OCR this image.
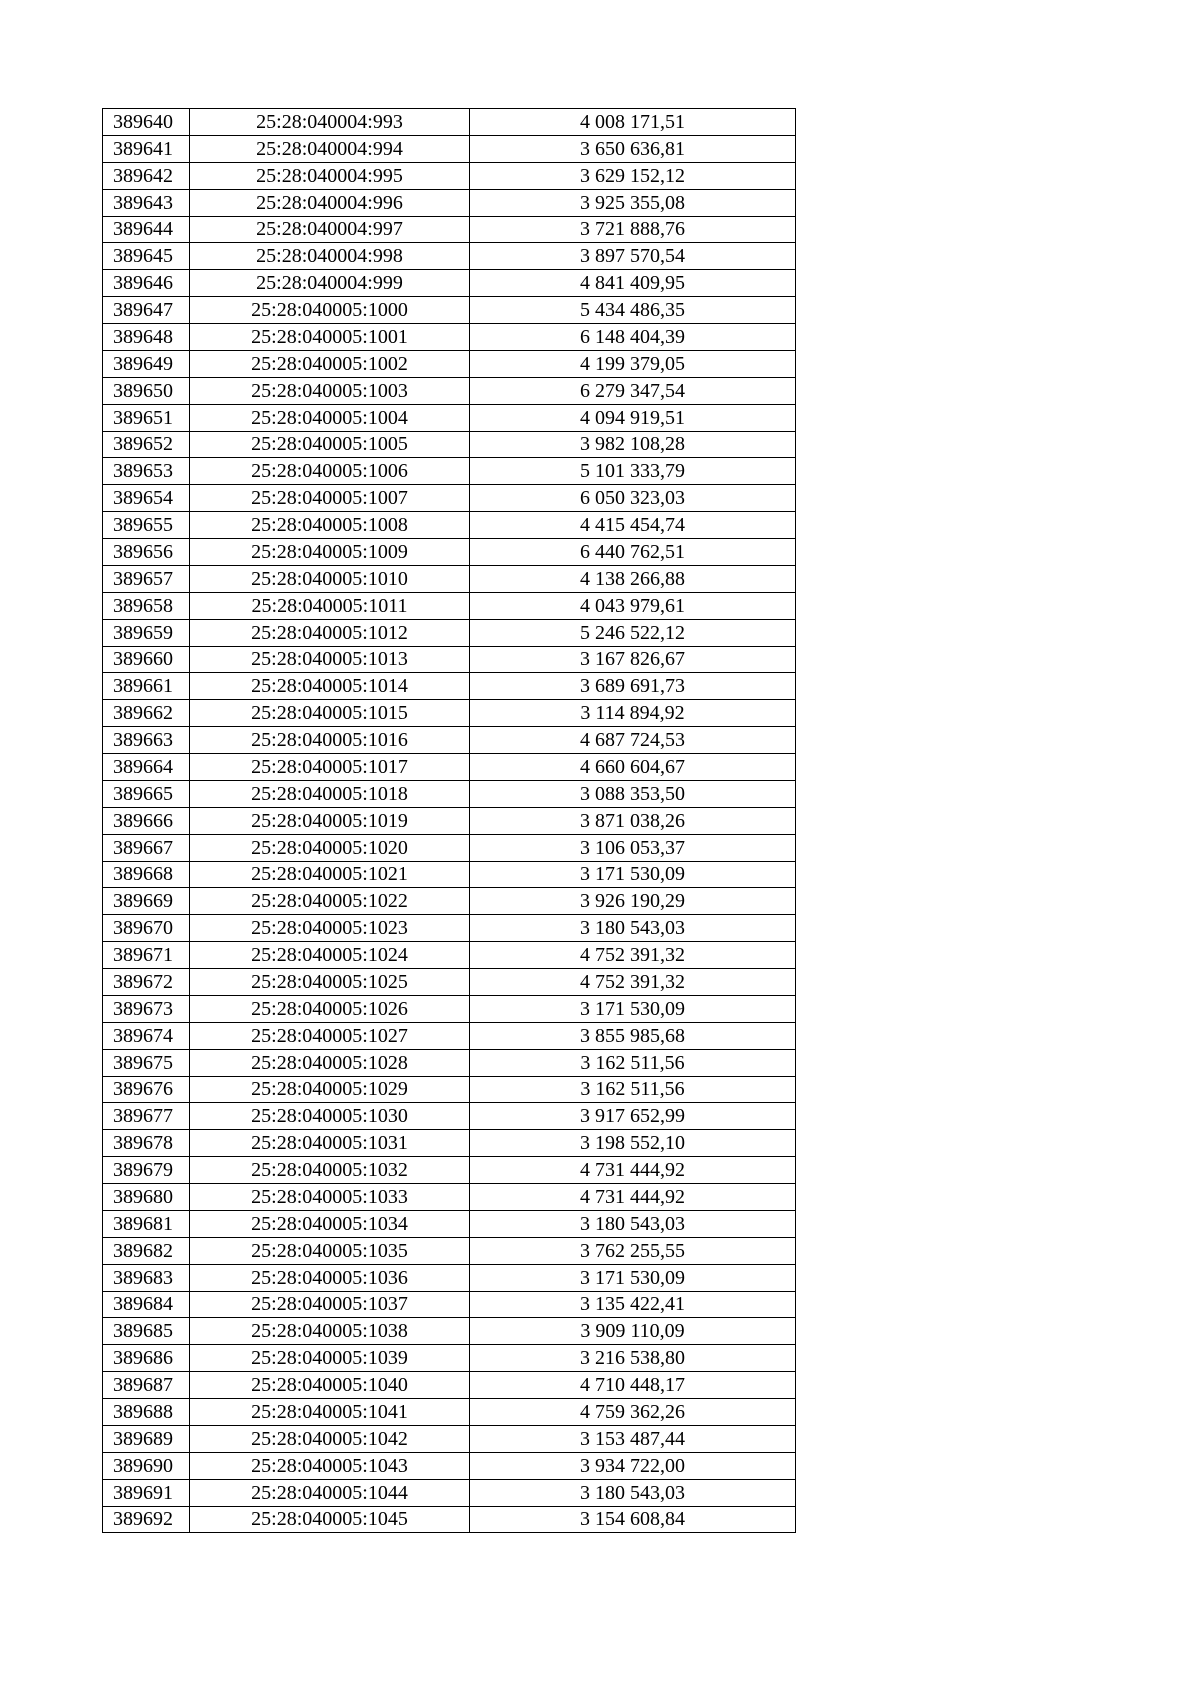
389640	25:28:040004:993	4 008 171,51
389641	25:28:040004:994	3 650 636,81
389642	25:28:040004:995	3 629 152,12
389643	25:28:040004:996	3 925 355,08
389644	25:28:040004:997	3 721 888,76
389645	25:28:040004:998	3 897 570,54
389646	25:28:040004:999	4 841 409,95
389647	25:28:040005:1000	5 434 486,35
389648	25:28:040005:1001	6 148 404,39
389649	25:28:040005:1002	4 199 379,05
389650	25:28:040005:1003	6 279 347,54
389651	25:28:040005:1004	4 094 919,51
389652	25:28:040005:1005	3 982 108,28
389653	25:28:040005:1006	5 101 333,79
389654	25:28:040005:1007	6 050 323,03
389655	25:28:040005:1008	4 415 454,74
389656	25:28:040005:1009	6 440 762,51
389657	25:28:040005:1010	4 138 266,88
389658	25:28:040005:1011	4 043 979,61
389659	25:28:040005:1012	5 246 522,12
389660	25:28:040005:1013	3 167 826,67
389661	25:28:040005:1014	3 689 691,73
389662	25:28:040005:1015	3 114 894,92
389663	25:28:040005:1016	4 687 724,53
389664	25:28:040005:1017	4 660 604,67
389665	25:28:040005:1018	3 088 353,50
389666	25:28:040005:1019	3 871 038,26
389667	25:28:040005:1020	3 106 053,37
389668	25:28:040005:1021	3 171 530,09
389669	25:28:040005:1022	3 926 190,29
389670	25:28:040005:1023	3 180 543,03
389671	25:28:040005:1024	4 752 391,32
389672	25:28:040005:1025	4 752 391,32
389673	25:28:040005:1026	3 171 530,09
389674	25:28:040005:1027	3 855 985,68
389675	25:28:040005:1028	3 162 511,56
389676	25:28:040005:1029	3 162 511,56
389677	25:28:040005:1030	3 917 652,99
389678	25:28:040005:1031	3 198 552,10
389679	25:28:040005:1032	4 731 444,92
389680	25:28:040005:1033	4 731 444,92
389681	25:28:040005:1034	3 180 543,03
389682	25:28:040005:1035	3 762 255,55
389683	25:28:040005:1036	3 171 530,09
389684	25:28:040005:1037	3 135 422,41
389685	25:28:040005:1038	3 909 110,09
389686	25:28:040005:1039	3 216 538,80
389687	25:28:040005:1040	4 710 448,17
389688	25:28:040005:1041	4 759 362,26
389689	25:28:040005:1042	3 153 487,44
389690	25:28:040005:1043	3 934 722,00
389691	25:28:040005:1044	3 180 543,03
389692	25:28:040005:1045	3 154 608,84
